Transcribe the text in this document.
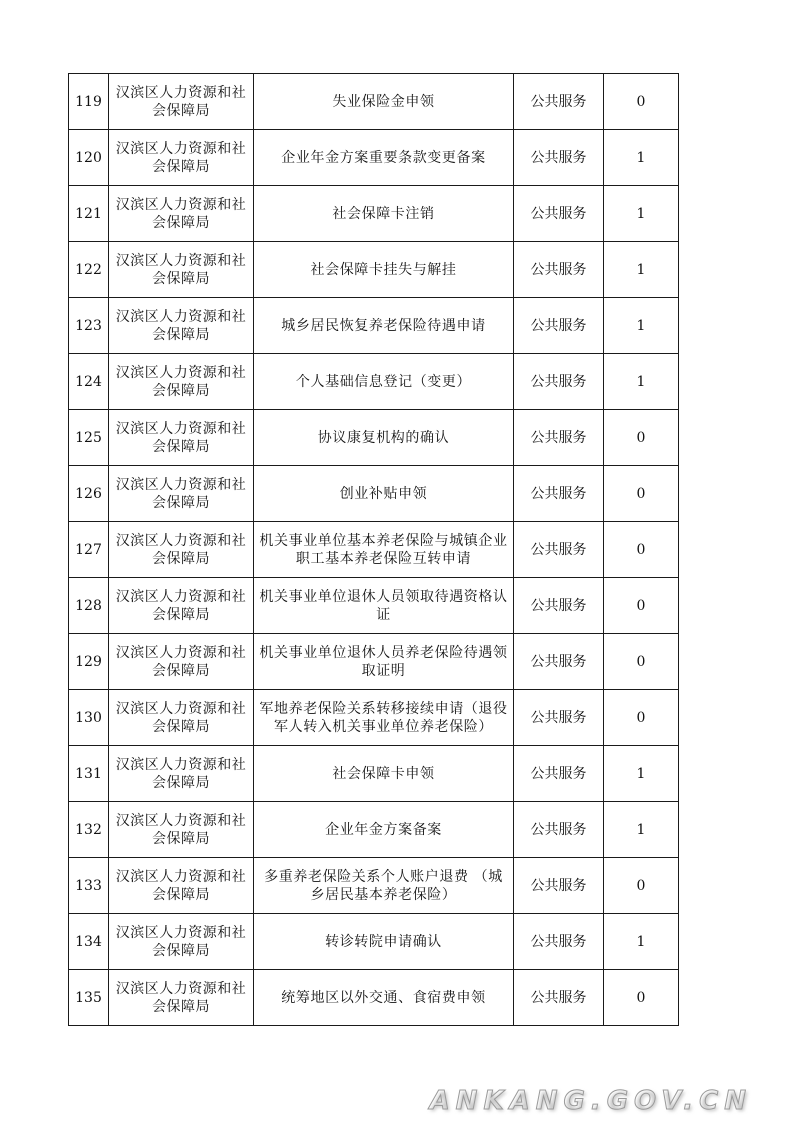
119	汉滨区人力资源和社会保障局	失业保险金申领	公共服务	0
120	汉滨区人力资源和社会保障局	企业年金方案重要条款变更备案	公共服务	1
121	汉滨区人力资源和社会保障局	社会保障卡注销	公共服务	1
122	汉滨区人力资源和社会保障局	社会保障卡挂失与解挂	公共服务	1
123	汉滨区人力资源和社会保障局	城乡居民恢复养老保险待遇申请	公共服务	1
124	汉滨区人力资源和社会保障局	个人基础信息登记（变更）	公共服务	1
125	汉滨区人力资源和社会保障局	协议康复机构的确认	公共服务	0
126	汉滨区人力资源和社会保障局	创业补贴申领	公共服务	0
127	汉滨区人力资源和社会保障局	机关事业单位基本养老保险与城镇企业职工基本养老保险互转申请	公共服务	0
128	汉滨区人力资源和社会保障局	机关事业单位退休人员领取待遇资格认证	公共服务	0
129	汉滨区人力资源和社会保障局	机关事业单位退休人员养老保险待遇领取证明	公共服务	0
130	汉滨区人力资源和社会保障局	军地养老保险关系转移接续申请（退役军人转入机关事业单位养老保险）	公共服务	0
131	汉滨区人力资源和社会保障局	社会保障卡申领	公共服务	1
132	汉滨区人力资源和社会保障局	企业年金方案备案	公共服务	1
133	汉滨区人力资源和社会保障局	多重养老保险关系个人账户退费 （城乡居民基本养老保险）	公共服务	0
134	汉滨区人力资源和社会保障局	转诊转院申请确认	公共服务	1
135	汉滨区人力资源和社会保障局	统筹地区以外交通、食宿费申领	公共服务	0
ANKANG.GOV.CN
